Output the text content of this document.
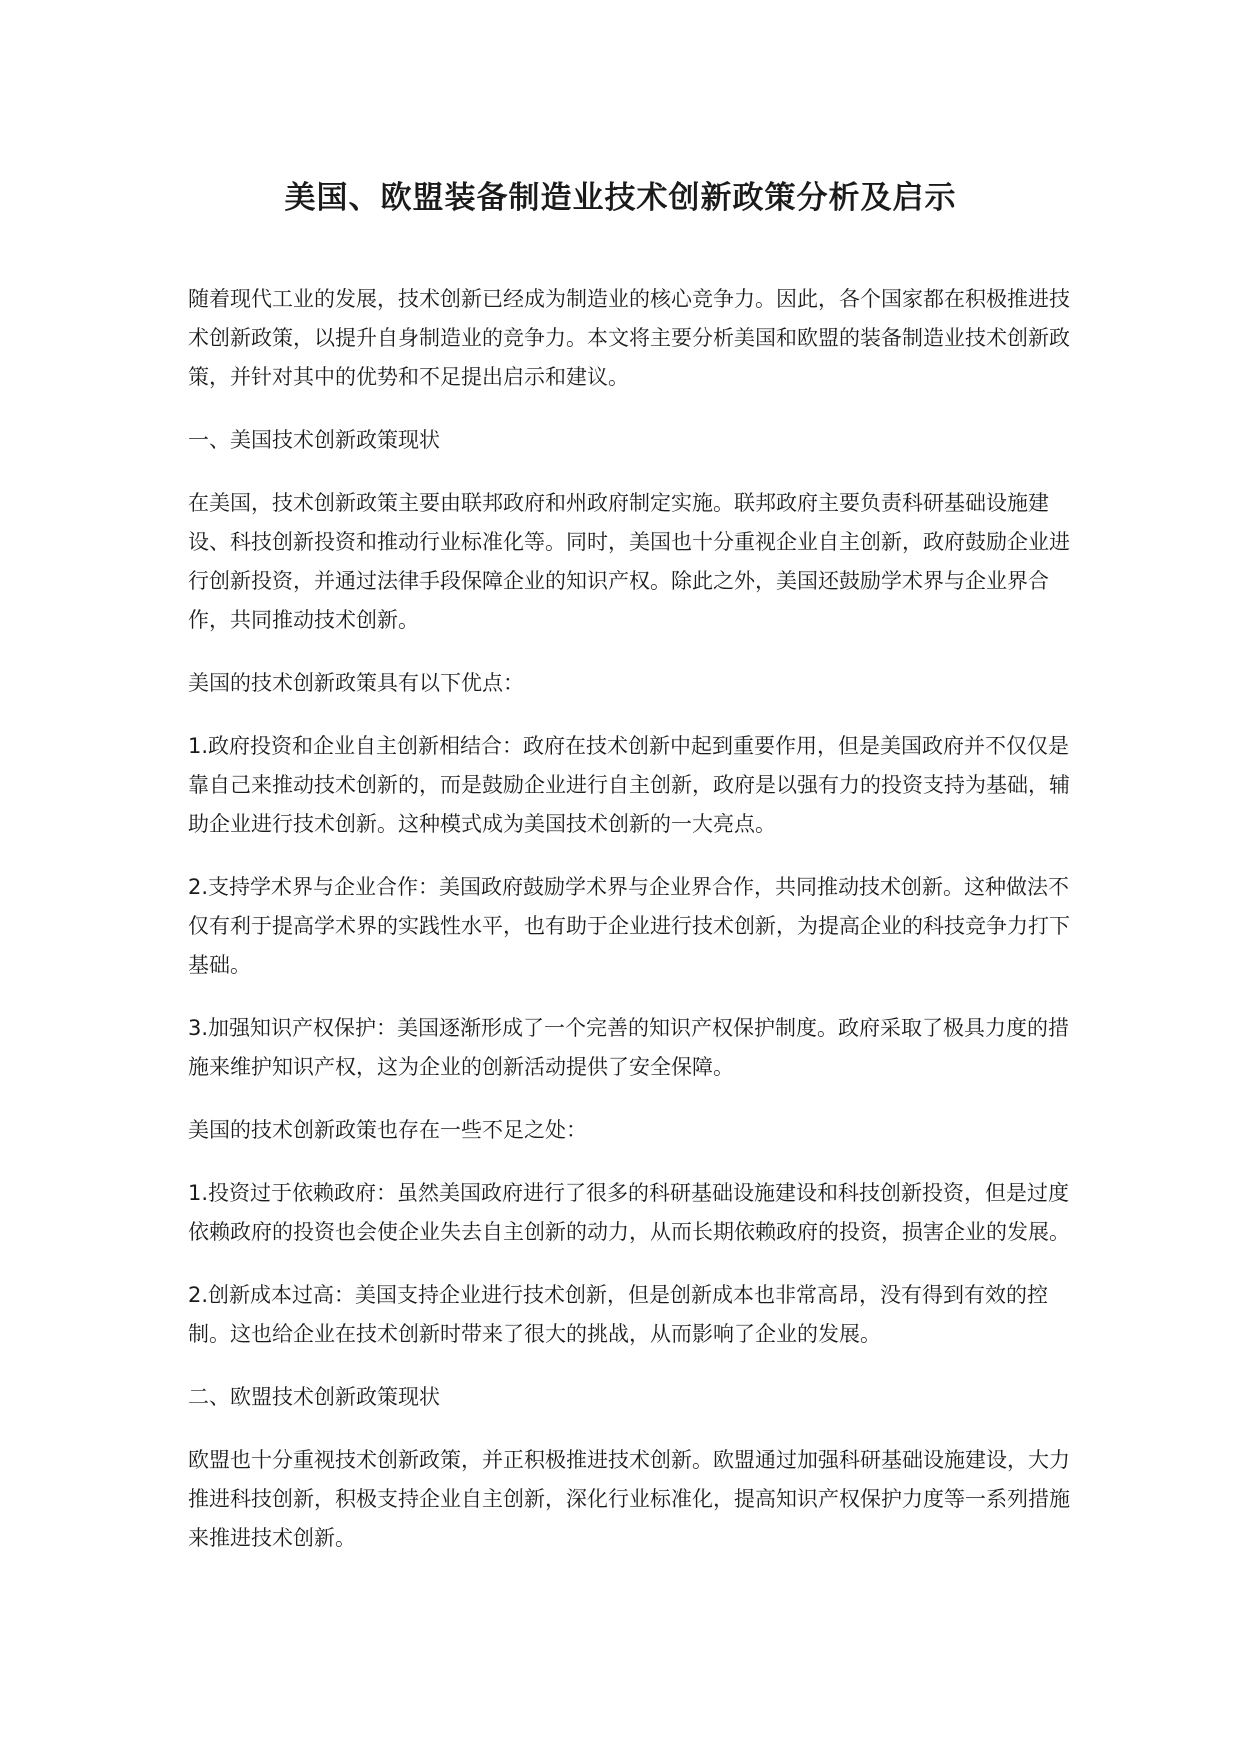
美国、欧盟装备制造业技术创新政策分析及启示

随着现代工业的发展，技术创新已经成为制造业的核心竞争力。因此，各个国家都在积极推进技术创新政策，以提升自身制造业的竞争力。本文将主要分析美国和欧盟的装备制造业技术创新政策，并针对其中的优势和不足提出启示和建议。

一、美国技术创新政策现状

在美国，技术创新政策主要由联邦政府和州政府制定实施。联邦政府主要负责科研基础设施建设、科技创新投资和推动行业标准化等。同时，美国也十分重视企业自主创新，政府鼓励企业进行创新投资，并通过法律手段保障企业的知识产权。除此之外，美国还鼓励学术界与企业界合作，共同推动技术创新。

美国的技术创新政策具有以下优点：

1.政府投资和企业自主创新相结合：政府在技术创新中起到重要作用，但是美国政府并不仅仅是靠自己来推动技术创新的，而是鼓励企业进行自主创新，政府是以强有力的投资支持为基础，辅助企业进行技术创新。这种模式成为美国技术创新的一大亮点。

2.支持学术界与企业合作：美国政府鼓励学术界与企业界合作，共同推动技术创新。这种做法不仅有利于提高学术界的实践性水平，也有助于企业进行技术创新，为提高企业的科技竞争力打下基础。

3.加强知识产权保护：美国逐渐形成了一个完善的知识产权保护制度。政府采取了极具力度的措施来维护知识产权，这为企业的创新活动提供了安全保障。

美国的技术创新政策也存在一些不足之处：

1.投资过于依赖政府：虽然美国政府进行了很多的科研基础设施建设和科技创新投资，但是过度依赖政府的投资也会使企业失去自主创新的动力，从而长期依赖政府的投资，损害企业的发展。

2.创新成本过高：美国支持企业进行技术创新，但是创新成本也非常高昂，没有得到有效的控制。这也给企业在技术创新时带来了很大的挑战，从而影响了企业的发展。

二、欧盟技术创新政策现状

欧盟也十分重视技术创新政策，并正积极推进技术创新。欧盟通过加强科研基础设施建设，大力推进科技创新，积极支持企业自主创新，深化行业标准化，提高知识产权保护力度等一系列措施来推进技术创新。
